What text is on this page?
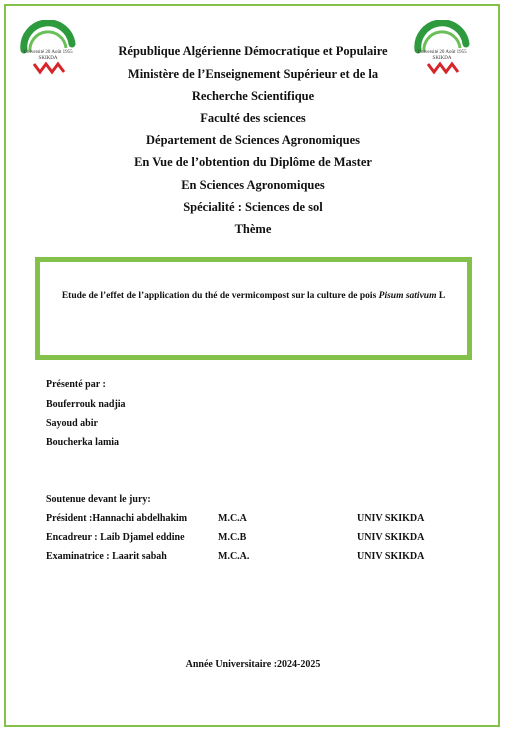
Université 20 Août 1955
SKIKDA
Université 20 Août 1955
SKIKDA
République Algérienne Démocratique et Populaire
Ministère de l’Enseignement Supérieur et de la
Recherche Scientifique
Faculté des sciences
Département de Sciences Agronomiques
En Vue de l’obtention du Diplôme de Master
En Sciences Agronomiques
Spécialité : Sciences de sol
Thème
Etude de l’effet de l’application du thé de vermicompost sur la culture de pois Pisum sativum L
Présenté par :
Bouferrouk nadjia
Sayoud abir
Boucherka lamia
Soutenue devant le jury:
Président :Hannachi abdelhakim	M.C.A	UNIV SKIKDA
Encadreur : Laib Djamel eddine	M.C.B	UNIV SKIKDA
Examinatrice : Laarit sabah	M.C.A.	UNIV SKIKDA
Année Universitaire :2024-2025
